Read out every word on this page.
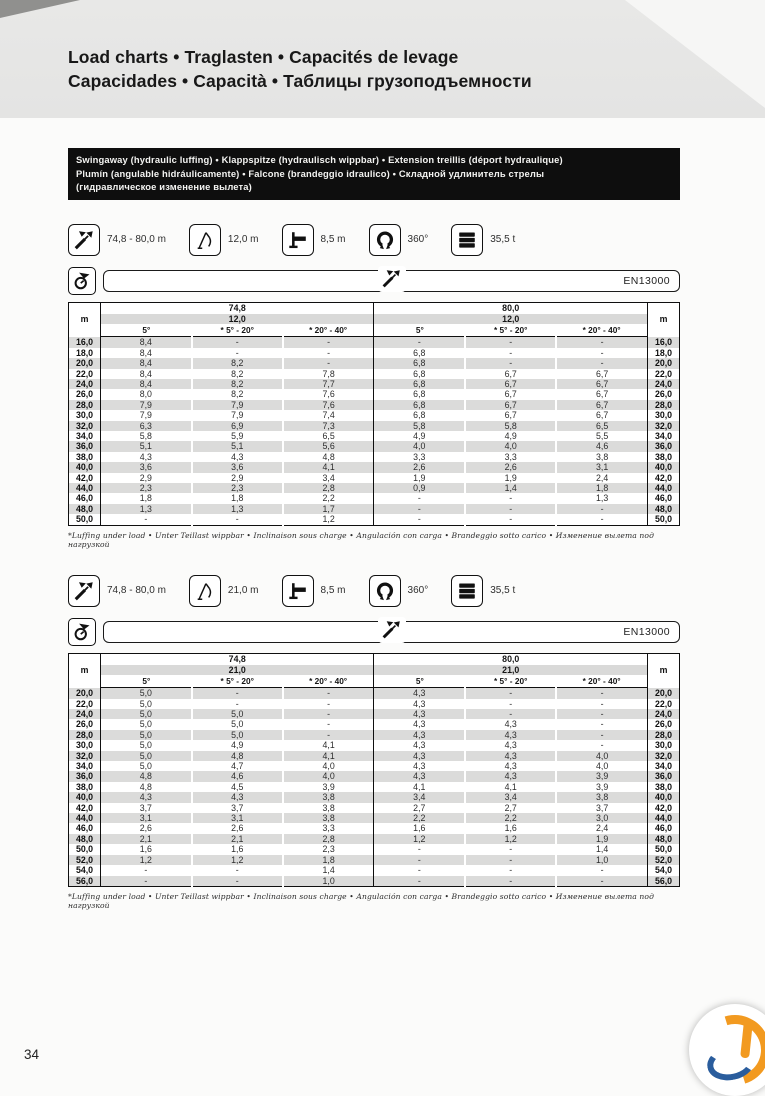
Load charts • Traglasten • Capacités de levage
Capacidades • Capacità • Таблицы грузоподъемности
Swingaway (hydraulic luffing) • Klappspitze (hydraulisch wippbar) • Extension treillis (déport hydraulique)
Plumín (angulable hidráulicamente) • Falcone (brandeggio idraulico) • Складной удлинитель стрелы
(гидравлическое изменение вылета)
74,8 - 80,0 m	12,0 m	8,5 m	360°	35,5 t
EN13000
m	74,8			80,0			m
	12,0			12,0			
	5°	* 5° - 20°	* 20° - 40°	5°	* 5° - 20°	* 20° - 40°	
16,0	8,4	-	-	-	-	-	16,0
18,0	8,4	-	-	6,8	-	-	18,0
20,0	8,4	8,2	-	6,8	-	-	20,0
22,0	8,4	8,2	7,8	6,8	6,7	6,7	22,0
24,0	8,4	8,2	7,7	6,8	6,7	6,7	24,0
26,0	8,0	8,2	7,6	6,8	6,7	6,7	26,0
28,0	7,9	7,9	7,6	6,8	6,7	6,7	28,0
30,0	7,9	7,9	7,4	6,8	6,7	6,7	30,0
32,0	6,3	6,9	7,3	5,8	5,8	6,5	32,0
34,0	5,8	5,9	6,5	4,9	4,9	5,5	34,0
36,0	5,1	5,1	5,6	4,0	4,0	4,6	36,0
38,0	4,3	4,3	4,8	3,3	3,3	3,8	38,0
40,0	3,6	3,6	4,1	2,6	2,6	3,1	40,0
42,0	2,9	2,9	3,4	1,9	1,9	2,4	42,0
44,0	2,3	2,3	2,8	0,9	1,4	1,8	44,0
46,0	1,8	1,8	2,2	-	-	1,3	46,0
48,0	1,3	1,3	1,7	-	-	-	48,0
50,0	-	-	1,2	-	-	-	50,0
*Luffing under load • Unter Teillast wippbar • Inclinaison sous charge • Angulación con carga • Brandeggio sotto carico • Изменение вылета под нагрузкой
74,8 - 80,0 m	21,0 m	8,5 m	360°	35,5 t
EN13000
m	74,8			80,0			m
	21,0			21,0			
	5°	* 5° - 20°	* 20° - 40°	5°	* 5° - 20°	* 20° - 40°	
20,0	5,0	-	-	4,3	-	-	20,0
22,0	5,0	-	-	4,3	-	-	22,0
24,0	5,0	5,0	-	4,3	-	-	24,0
26,0	5,0	5,0	-	4,3	4,3	-	26,0
28,0	5,0	5,0	-	4,3	4,3	-	28,0
30,0	5,0	4,9	4,1	4,3	4,3	-	30,0
32,0	5,0	4,8	4,1	4,3	4,3	4,0	32,0
34,0	5,0	4,7	4,0	4,3	4,3	4,0	34,0
36,0	4,8	4,6	4,0	4,3	4,3	3,9	36,0
38,0	4,8	4,5	3,9	4,1	4,1	3,9	38,0
40,0	4,3	4,3	3,8	3,4	3,4	3,8	40,0
42,0	3,7	3,7	3,8	2,7	2,7	3,7	42,0
44,0	3,1	3,1	3,8	2,2	2,2	3,0	44,0
46,0	2,6	2,6	3,3	1,6	1,6	2,4	46,0
48,0	2,1	2,1	2,8	1,2	1,2	1,9	48,0
50,0	1,6	1,6	2,3	-	-	1,4	50,0
52,0	1,2	1,2	1,8	-	-	1,0	52,0
54,0	-	-	1,4	-	-	-	54,0
56,0	-	-	1,0	-	-	-	56,0
*Luffing under load • Unter Teillast wippbar • Inclinaison sous charge • Angulación con carga • Brandeggio sotto carico • Изменение вылета под нагрузкой
34
